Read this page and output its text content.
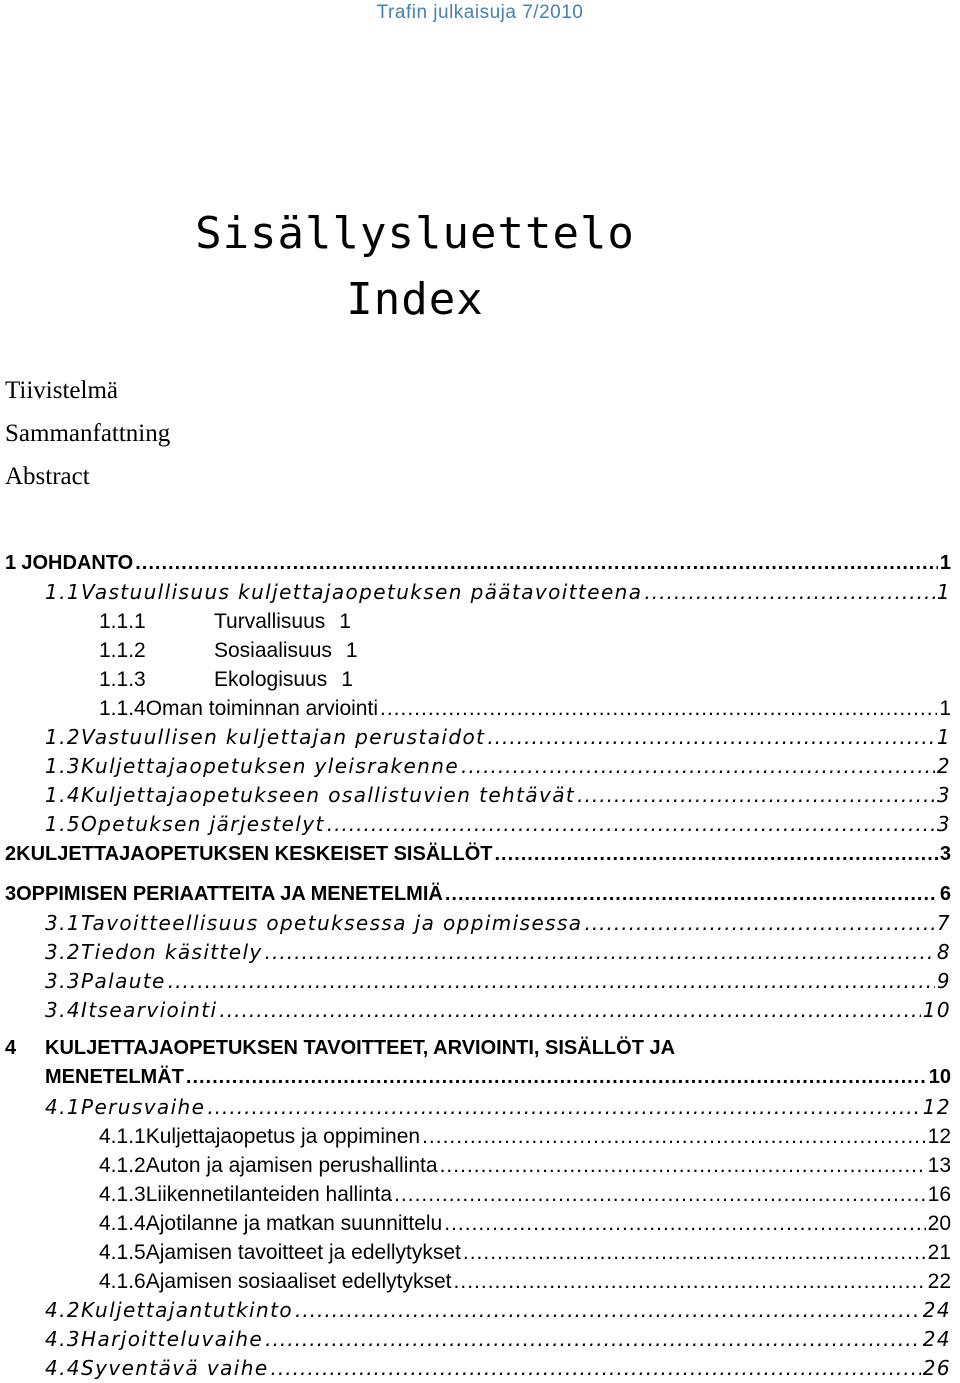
Trafin julkaisuja 7/2010
Sisällysluettelo
Index
Tiivistelmä
Sammanfattning
Abstract
1 JOHDANTO .....	1
1.1 Vastuullisuus kuljettajaopetuksen päätavoitteena .....	1
1.1.1	Turvallisuus 1
1.1.2	Sosiaalisuus 1
1.1.3	Ekologisuus 1
1.1.4 Oman toiminnan arviointi .....	1
1.2 Vastuullisen kuljettajan perustaidot .....	1
1.3 Kuljettajaopetuksen yleisrakenne .....	2
1.4 Kuljettajaopetukseen osallistuvien tehtävät .....	3
1.5 Opetuksen järjestelyt .....	3
2 KULJETTAJAOPETUKSEN KESKEISET SISÄLLÖT .....	3
3 OPPIMISEN PERIAATTEITA JA MENETELMIÄ .....	6
3.1 Tavoitteellisuus opetuksessa ja oppimisessa .....	7
3.2 Tiedon käsittely .....	8
3.3 Palaute .....	9
3.4 Itsearviointi .....	10
4	KULJETTAJAOPETUKSEN TAVOITTEET, ARVIOINTI, SISÄLLÖT JA
MENETELMÄT .....	10
4.1 Perusvaihe .....	12
4.1.1 Kuljettajaopetus ja oppiminen .....	12
4.1.2 Auton ja ajamisen perushallinta .....	13
4.1.3 Liikennetilanteiden hallinta .....	16
4.1.4 Ajotilanne ja matkan suunnittelu .....	20
4.1.5 Ajamisen tavoitteet ja edellytykset .....	21
4.1.6 Ajamisen sosiaaliset edellytykset .....	22
4.2 Kuljettajantutkinto .....	24
4.3 Harjoitteluvaihe .....	24
4.4 Syventävä vaihe .....	26
